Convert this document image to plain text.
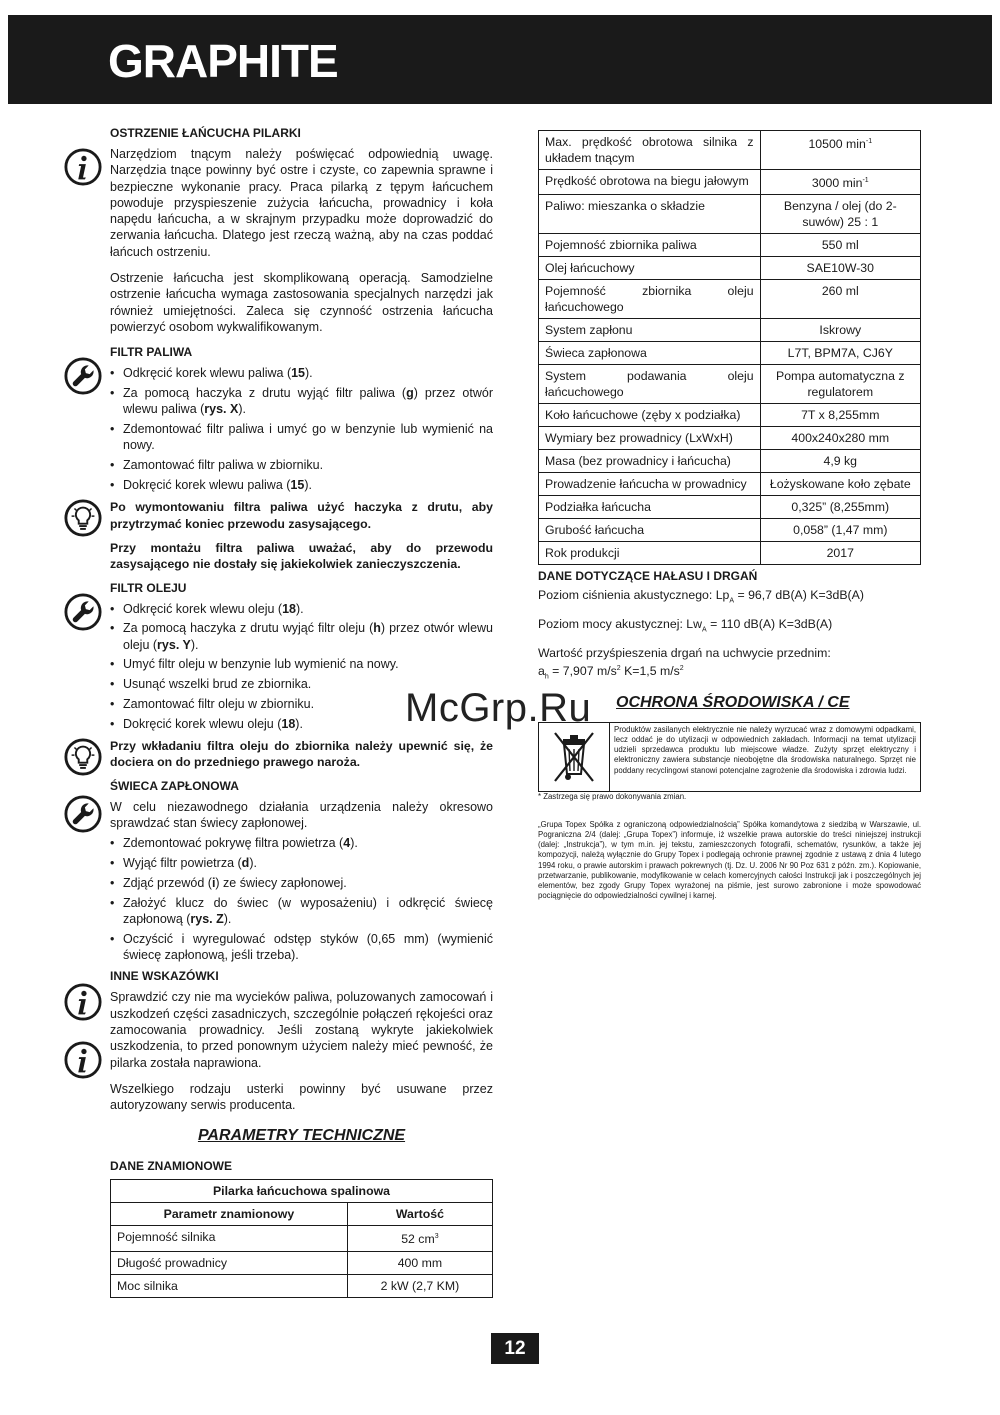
GRAPHITE
OSTRZENIE ŁAŃCUCHA PILARKI

Narzędziom tnącym należy poświęcać odpowiednią uwagę. Narzędzia tnące powinny być ostre i czyste, co zapewnia sprawne i bezpieczne wykonanie pracy. Praca pilarką z tępym łańcuchem powoduje przyspieszenie zużycia łańcucha, prowadnicy i koła napędu łańcucha, a w skrajnym przypadku może doprowadzić do zerwania łańcucha. Dlatego jest rzeczą ważną, aby na czas poddać łańcuch ostrzeniu.

Ostrzenie łańcucha jest skomplikowaną operacją. Samodzielne ostrzenie łańcucha wymaga zastosowania specjalnych narzędzi jak również umiejętności. Zaleca się czynność ostrzenia łańcucha powierzyć osobom wykwalifikowanym.

FILTR PALIWA
• Odkręcić korek wlewu paliwa (15).
• Za pomocą haczyka z drutu wyjąć filtr paliwa (g) przez otwór wlewu paliwa (rys. X).
• Zdemontować filtr paliwa i umyć go w benzynie lub wymienić na nowy.
• Zamontować filtr paliwa w zbiorniku.
• Dokręcić korek wlewu paliwa (15).

Po wymontowaniu filtra paliwa użyć haczyka z drutu, aby przytrzymać koniec przewodu zasysającego.

Przy montażu filtra paliwa uważać, aby do przewodu zasysającego nie dostały się jakiekolwiek zanieczyszczenia.

FILTR OLEJU
• Odkręcić korek wlewu oleju (18).
• Za pomocą haczyka z drutu wyjąć filtr oleju (h) przez otwór wlewu oleju (rys. Y).
• Umyć filtr oleju w benzynie lub wymienić na nowy.
• Usunąć wszelki brud ze zbiornika.
• Zamontować filtr oleju w zbiorniku.
• Dokręcić korek wlewu oleju (18).

Przy wkładaniu filtra oleju do zbiornika należy upewnić się, że dociera on do przedniego prawego naroża.

ŚWIECA ZAPŁONOWA

W celu niezawodnego działania urządzenia należy okresowo sprawdzać stan świecy zapłonowej.

• Zdemontować pokrywę filtra powietrza (4).
• Wyjąć filtr powietrza (d).
• Zdjąć przewód (i) ze świecy zapłonowej.
• Założyć klucz do świec (w wyposażeniu) i odkręcić świecę zapłonową (rys. Z).
• Oczyścić i wyregulować odstęp styków (0,65 mm) (wymienić świecę zapłonową, jeśli trzeba).
INNE WSKAZÓWKI

Sprawdzić czy nie ma wycieków paliwa, poluzowanych zamocowań i uszkodzeń części zasadniczych, szczególnie połączeń rękojeści oraz zamocowania prowadnicy. Jeśli zostaną wykryte jakiekolwiek uszkodzenia, to przed ponownym użyciem należy mieć pewność, że pilarka została naprawiona.

Wszelkiego rodzaju usterki powinny być usuwane przez autoryzowany serwis producenta.

PARAMETRY TECHNICZNE
DANE ZNAMIONOWE
Pilarka łańcuchowa spalinowa	
Parametr znamionowy	Wartość
Pojemność silnika	52 $cm^3$
Długość prowadnicy	400 mm
Moc silnika	2 kW (2,7 KM)
Max. prędkość obrotowa silnika z układem tnącym	10500 $\min^{-1}$
Prędkość obrotowa na biegu jałowym	3000 $\min^{-1}$
Paliwo: mieszanka o składzie	Benzyna / olej (do 2-suwów) 25 : 1
Pojemność zbiornika paliwa	550 ml
Olej łańcuchowy	SAE10W-30
Pojemność zbiornika oleju łańcuchowego	260 ml
System zapłonu	Iskrowy
Świeca zapłonowa	L7T, BPM7A, CJ6Y
System podawania oleju łańcuchowego	Pompa automatyczna z regulatorem
Koło łańcuchowe (zęby x podziałka)	7T x 8,255mm
Wymiary bez prowadnicy (LxWxH)	400x240x280 mm
Masa (bez prowadnicy i łańcucha)	4,9 kg
Prowadzenie łańcucha w prowadnicy	Łożyskowane koło zębate
Podziałka łańcucha	0,325” (8,255mm)
Grubość łańcucha	0,058” (1,47 mm)
Rok produkcji	2017
DANE DOTYCZĄCE HAŁASU I DRGAŃ

Poziom ciśnienia akustycznego: $Lp_A = 96,7$ dB(A) K=3dB(A)

Poziom mocy akustycznej: $Lw_A = 110$ dB(A) K=3dB(A)

Wartość przyśpieszenia drgań na uchwycie przednim:

$a_h = 7,907$ $m/s^2$ K=1,5 $m/s^2$

OCHRONA ŚRODOWISKA / CE
Produktów zasilanych elektrycznie nie należy wyrzucać wraz z domowymi odpadkami, lecz oddać je do utylizacji w odpowiednich zakładach. Informacji na temat utylizacji udzieli sprzedawca produktu lub miejscowe władze. Zużyty sprzęt elektryczny i elektroniczny zawiera substancje nieobojętne dla środowiska naturalnego. Sprzęt nie poddany recyclingowi stanowi potencjalne zagrożenie dla środowiska i zdrowia ludzi.

* Zastrzega się prawo dokonywania zmian.

„Grupa Topex Spółka z ograniczoną odpowiedzialnością” Spółka komandytowa z siedzibą w Warszawie, ul. Pograniczna 2/4 (dalej: „Grupa Topex”) informuje, iż wszelkie prawa autorskie do treści niniejszej instrukcji (dalej: „Instrukcja”), w tym m.in. jej tekstu, zamieszczonych fotografii, schematów, rysunków, a także jej kompozycji, należą wyłącznie do Grupy Topex i podlegają ochronie prawnej zgodnie z ustawą z dnia 4 lutego 1994 roku, o prawie autorskim i prawach pokrewnych (tj. Dz. U. 2006 Nr 90 Poz 631 z późn. zm.). Kopiowanie, przetwarzanie, publikowanie, modyfikowanie w celach komercyjnych całości Instrukcji jak i poszczególnych jej elementów, bez zgody Grupy Topex wyrażonej na piśmie, jest surowo zabronione i może spowodować pociągnięcie do odpowiedzialności cywilnej i karnej.

McGrp.Ru
12
